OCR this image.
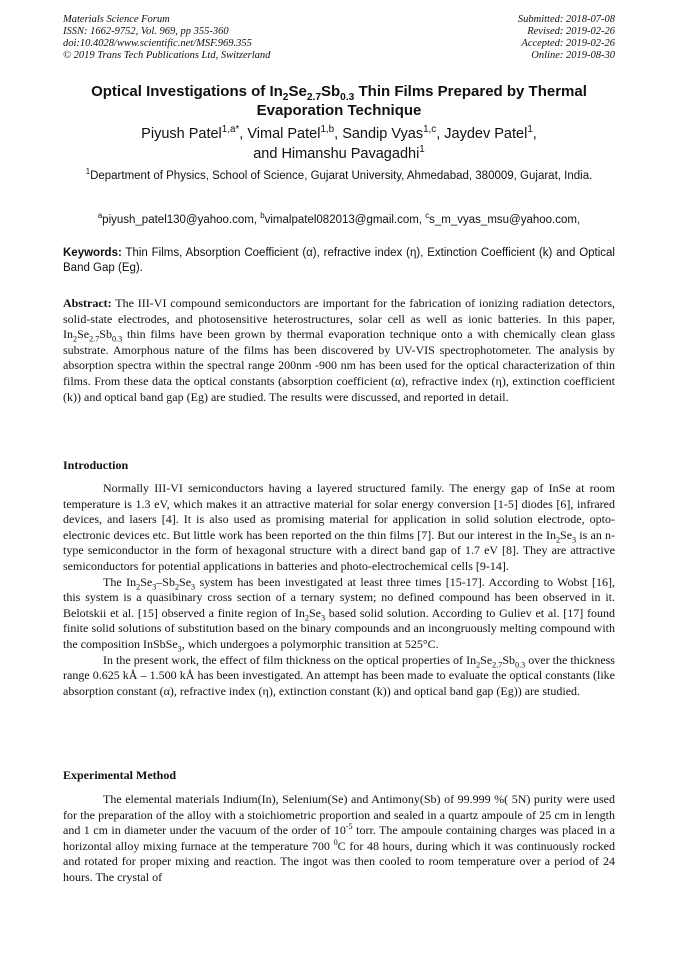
Materials Science Forum
ISSN: 1662-9752, Vol. 969, pp 355-360
doi:10.4028/www.scientific.net/MSF.969.355
© 2019 Trans Tech Publications Ltd, Switzerland
Submitted: 2018-07-08
Revised: 2019-02-26
Accepted: 2019-02-26
Online: 2019-08-30
Optical Investigations of $In_2Se_{2.7}Sb_{0.3}$ Thin Films Prepared by Thermal Evaporation Technique
Piyush Patel$^{1,a*}$, Vimal Patel$^{1,b}$, Sandip Vyas$^{1,c}$, Jaydev Patel$^1$,
and Himanshu Pavagadhi$^1$
$^1$Department of Physics, School of Science, Gujarat University, Ahmedabad, 380009, Gujarat, India.
$^a$piyush_patel130@yahoo.com, $^b$vimalpatel082013@gmail.com, $^c$s_m_vyas_msu@yahoo.com,
Keywords: Thin Films, Absorption Coefficient (α), refractive index (η), Extinction Coefficient (k) and Optical Band Gap (Eg).
Abstract: The III-VI compound semiconductors are important for the fabrication of ionizing radiation detectors, solid-state electrodes, and photosensitive heterostructures, solar cell as well as ionic batteries. In this paper, $In_2Se_{2.7}Sb_{0.3}$ thin films have been grown by thermal evaporation technique onto a with chemically clean glass substrate. Amorphous nature of the films has been discovered by UV-VIS spectrophotometer. The analysis by absorption spectra within the spectral range 200nm -900 nm has been used for the optical characterization of thin films. From these data the optical constants (absorption coefficient (α), refractive index (η), extinction coefficient (k)) and optical band gap (Eg) are studied. The results were discussed, and reported in detail.
Introduction

Normally III-VI semiconductors having a layered structured family. The energy gap of InSe at room temperature is 1.3 eV, which makes it an attractive material for solar energy conversion [1-5] diodes [6], infrared devices, and lasers [4]. It is also used as promising material for application in solid solution electrode, opto-electronic devices etc. But little work has been reported on the thin films [7]. But our interest in the $In_2Se_3$ is an n-type semiconductor in the form of hexagonal structure with a direct band gap of 1.7 eV [8]. They are attractive semiconductors for potential applications in batteries and photo-electrochemical cells [9-14].

The $In_2Se_3-Sb_2Se_3$ system has been investigated at least three times [15-17]. According to Wobst [16], this system is a quasibinary cross section of a ternary system; no defined compound has been observed in it. Belotskii et al. [15] observed a finite region of $In_2Se_3$ based solid solution. According to Guliev et al. [17] found finite solid solutions of substitution based on the binary compounds and an incongruously melting compound with the composition InSbSe$_3$, which undergoes a polymorphic transition at 525°C.

In the present work, the effect of film thickness on the optical properties of $In_2Se_{2.7}Sb_{0.3}$ over the thickness range 0.625 kÅ – 1.500 kÅ has been investigated. An attempt has been made to evaluate the optical constants (like absorption constant (α), refractive index (η), extinction constant (k)) and optical band gap (Eg)) are studied.

Experimental Method

The elemental materials Indium(In), Selenium(Se) and Antimony(Sb) of 99.999 %( 5N) purity were used for the preparation of the alloy with a stoichiometric proportion and sealed in a quartz ampoule of 25 cm in length and 1 cm in diameter under the vacuum of the order of $10^{-5}$ torr. The ampoule containing charges was placed in a horizontal alloy mixing furnace at the temperature 700 $^0$C for 48 hours, during which it was continuously rocked and rotated for proper mixing and reaction. The ingot was then cooled to room temperature over a period of 24 hours. The crystal of
